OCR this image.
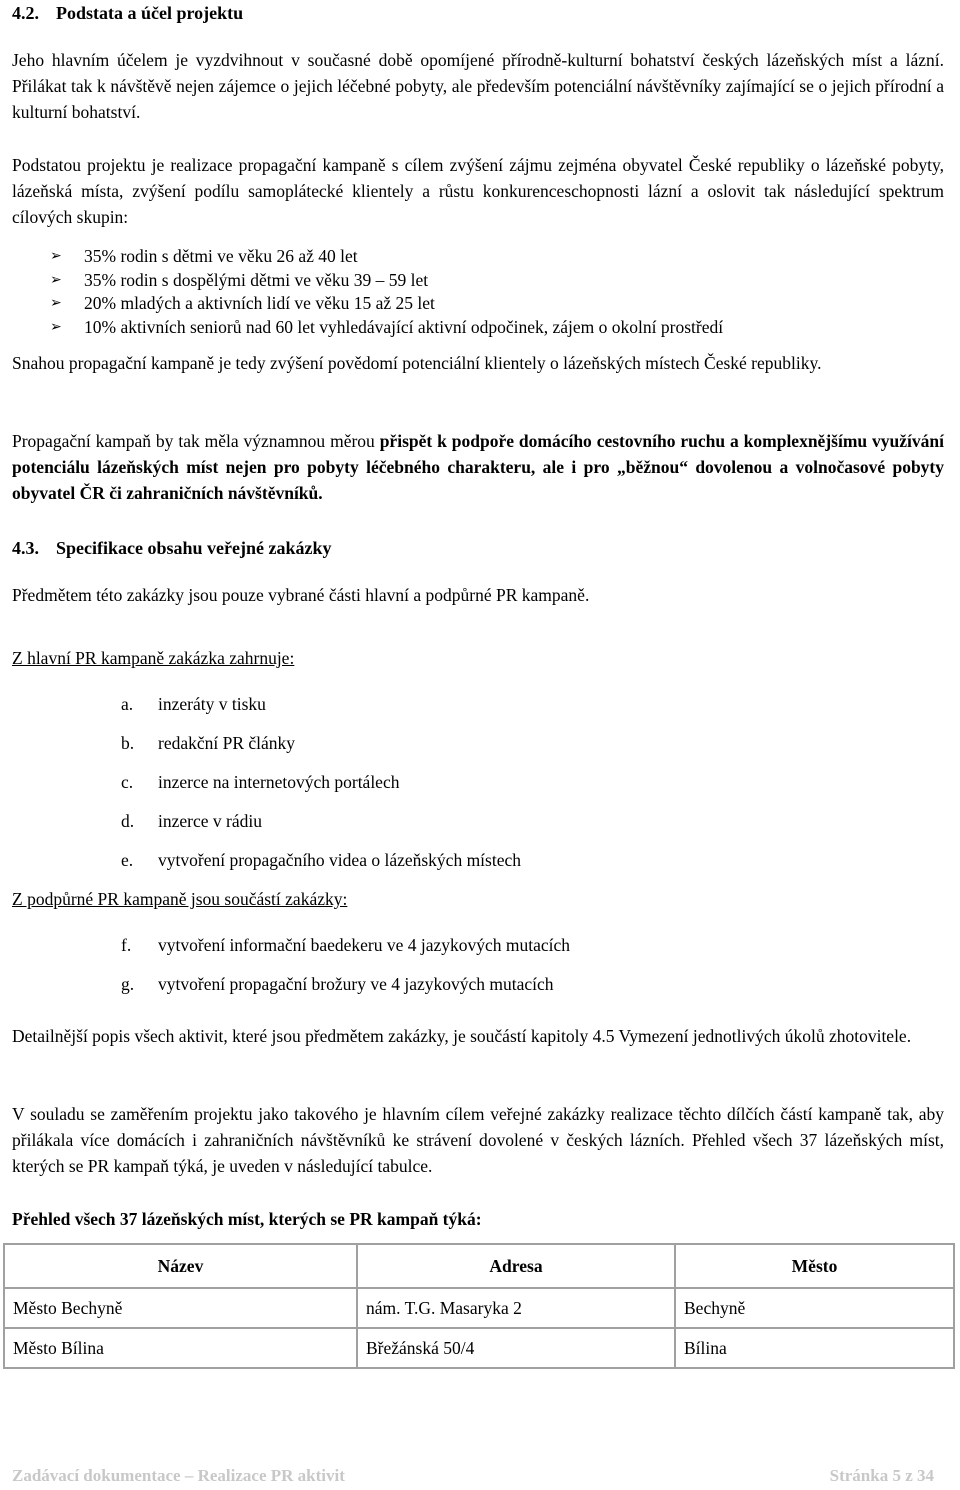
4.2. Podstata a účel projektu

Jeho hlavním účelem je vyzdvihnout v současné době opomíjené přírodně-kulturní bohatství českých lázeňských míst a lázní. Přilákat tak k návštěvě nejen zájemce o jejich léčebné pobyty, ale především potenciální návštěvníky zajímající se o jejich přírodní a kulturní bohatství.

Podstatou projektu je realizace propagační kampaně s cílem zvýšení zájmu zejména obyvatel České republiky o lázeňské pobyty, lázeňská místa, zvýšení podílu samoplátecké klientely a růstu konkurenceschopnosti lázní a oslovit tak následující spektrum cílových skupin:

➢	35% rodin s dětmi ve věku 26 až 40 let
➢	35% rodin s dospělými dětmi ve věku 39 – 59 let
➢	20% mladých a aktivních lidí ve věku 15 až 25 let
➢	10% aktivních seniorů nad 60 let vyhledávající aktivní odpočinek, zájem o okolní prostředí

Snahou propagační kampaně je tedy zvýšení povědomí potenciální klientely o lázeňských místech České republiky.

Propagační kampaň by tak měla významnou měrou přispět k podpoře domácího cestovního ruchu a komplexnějšímu využívání potenciálu lázeňských míst nejen pro pobyty léčebného charakteru, ale i pro „běžnou“ dovolenou a volnočasové pobyty obyvatel ČR či zahraničních návštěvníků.

4.3. Specifikace obsahu veřejné zakázky

Předmětem této zakázky jsou pouze vybrané části hlavní a podpůrné PR kampaně.

Z hlavní PR kampaně zakázka zahrnuje:

a.	inzeráty v tisku
b.	redakční PR články
c.	inzerce na internetových portálech
d.	inzerce v rádiu
e.	vytvoření propagačního videa o lázeňských místech

Z podpůrné PR kampaně jsou součástí zakázky:

f.	vytvoření informační baedekeru ve 4 jazykových mutacích
g.	vytvoření propagační brožury ve 4 jazykových mutacích

Detailnější popis všech aktivit, které jsou předmětem zakázky, je součástí kapitoly 4.5 Vymezení jednotlivých úkolů zhotovitele.

V souladu se zaměřením projektu jako takového je hlavním cílem veřejné zakázky realizace těchto dílčích částí kampaně tak, aby přilákala více domácích i zahraničních návštěvníků ke strávení dovolené v českých lázních. Přehled všech 37 lázeňských míst, kterých se PR kampaň týká, je uveden v následující tabulce.

Přehled všech 37 lázeňských míst, kterých se PR kampaň týká:

Název	Adresa	Město
Město Bechyně	nám. T.G. Masaryka 2	Bechyně
Město Bílina	Břežánská 50/4	Bílina
Zadávací dokumentace – Realizace PR aktivit	Stránka 5 z 34
